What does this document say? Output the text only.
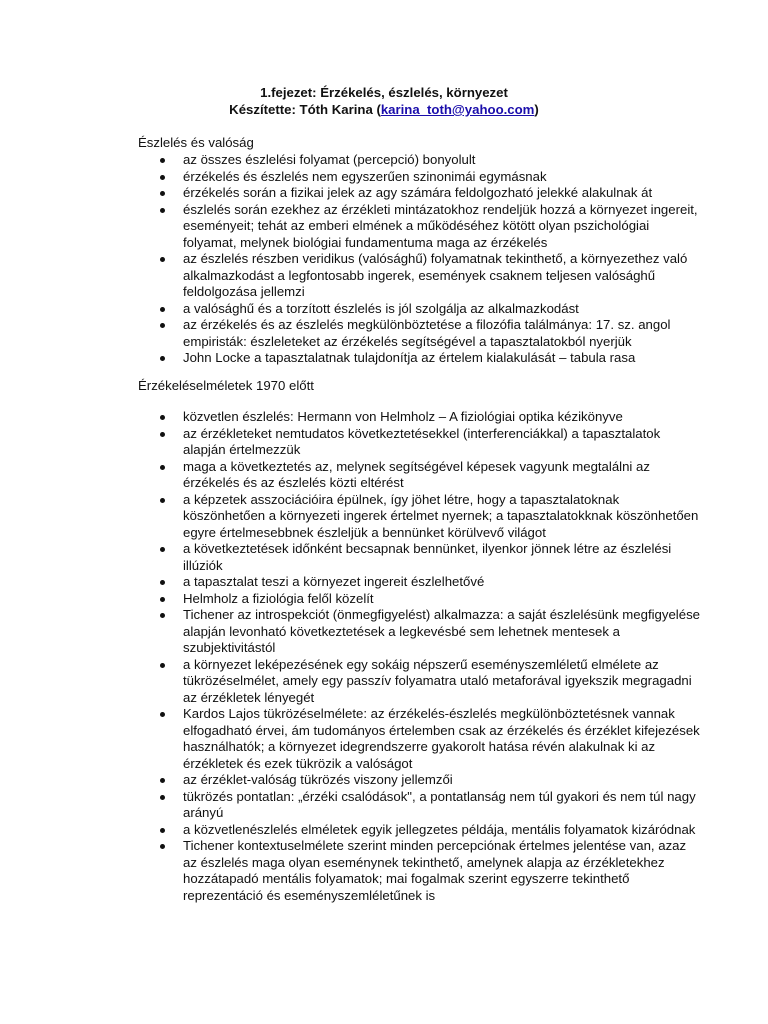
1.fejezet: Érzékelés, észlelés, környezet
Készítette: Tóth Karina (karina_toth@yahoo.com)
Észlelés és valóság
az összes észlelési folyamat (percepció) bonyolult
érzékelés és észlelés nem egyszerűen szinonimái egymásnak
érzékelés során a fizikai jelek az agy számára feldolgozható jelekké alakulnak át
észlelés során ezekhez az érzékleti mintázatokhoz rendeljük hozzá a környezet ingereit, eseményeit; tehát az emberi elmének a működéséhez kötött olyan pszichológiai folyamat, melynek biológiai fundamentuma maga az érzékelés
az észlelés részben veridikus (valósághű) folyamatnak tekinthető, a környezethez való alkalmazkodást a legfontosabb ingerek, események csaknem teljesen valósághű feldolgozása jellemzi
a valósághű és a torzított észlelés is jól szolgálja az alkalmazkodást
az érzékelés és az észlelés megkülönböztetése a filozófia találmánya: 17. sz. angol empiristák: észleleteket az érzékelés segítségével a tapasztalatokból nyerjük
John Locke a tapasztalatnak tulajdonítja az értelem kialakulását – tabula rasa
Érzékeléselméletek 1970 előtt
közvetlen észlelés: Hermann von Helmholz – A fiziológiai optika kézikönyve
az érzékleteket nemtudatos következtetésekkel (interferenciákkal) a tapasztalatok alapján értelmezzük
maga a következtetés az, melynek segítségével képesek vagyunk megtalálni az érzékelés és az észlelés közti eltérést
a képzetek asszociációira épülnek, így jöhet létre, hogy a tapasztalatoknak köszönhetően a környezeti ingerek értelmet nyernek; a tapasztalatokknak köszönhetően egyre értelmesebbnek észleljük a bennünket körülvevő világot
a következtetések időnként becsapnak bennünket, ilyenkor jönnek létre az észlelési illúziók
a tapasztalat teszi a környezet ingereit észlelhetővé
Helmholz a fiziológia felől közelít
Tichener az introspekciót (önmegfigyelést) alkalmazza: a saját észlelésünk megfigyelése alapján levonható következtetések a legkevésbé sem lehetnek mentesek a szubjektivitástól
a környezet leképezésének egy sokáig népszerű eseményszemléletű elmélete az tükrözéselmélet, amely egy passzív folyamatra utaló metaforával igyekszik megragadni az érzékletek lényegét
Kardos Lajos tükrözéselmélete: az érzékelés-észlelés megkülönböztetésnek vannak elfogadható érvei, ám tudományos értelemben csak az érzékelés és érzéklet kifejezések használhatók; a környezet idegrendszerre gyakorolt hatása révén alakulnak ki az érzékletek és ezek tükrözik a valóságot
az érzéklet-valóság tükrözés viszony jellemzői
tükrözés pontatlan: „érzéki csalódások", a pontatlanság nem túl gyakori és nem túl nagy arányú
a közvetlenészlelés elméletek egyik jellegzetes példája, mentális folyamatok kizáródnak
Tichener kontextuselmélete szerint minden percepciónak értelmes jelentése van, azaz az észlelés maga olyan eseménynek tekinthető, amelynek alapja az érzékletekhez hozzátapadó mentális folyamatok; mai fogalmak szerint egyszerre tekinthető reprezentáció és eseményszemléletűnek is
